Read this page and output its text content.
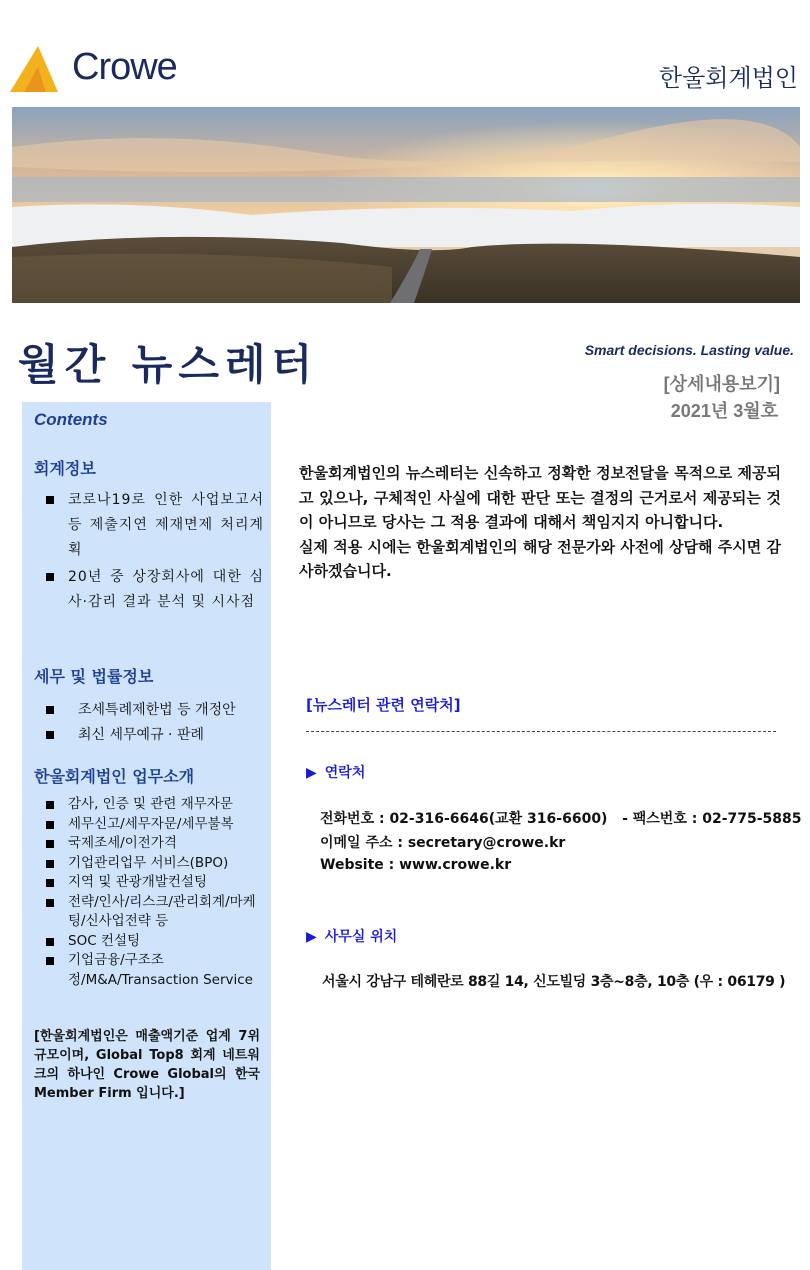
Crowe	한울회계법인
월간 뉴스레터	Smart decisions. Lasting value.
[상세내용보기]
2021년 3월호
Contents
회계정보
코로나19로 인한 사업보고서 등 제출지연 제재면제 처리계획
20년 중 상장회사에 대한 심사·감리 결과 분석 및 시사점
세무 및 법률정보
조세특례제한법 등 개정안
최신 세무예규 · 판례
한울회계법인 업무소개
감사, 인증 및 관련 재무자문
세무신고/세무자문/세무불복
국제조세/이전가격
기업관리업무 서비스(BPO)
지역 및 관광개발컨설팅
전략/인사/리스크/관리회계/마케팅/신사업전략 등
SOC 컨설팅
기업금융/구조조정/M&A/Transaction Service
[한울회계법인은 매출액기준 업계 7위 규모이며, Global Top8 회계 네트워크의 하나인 Crowe Global의 한국 Member Firm 입니다.]
한울회계법인의 뉴스레터는 신속하고 정확한 정보전달을 목적으로 제공되고 있으나, 구체적인 사실에 대한 판단 또는 결정의 근거로서 제공되는 것이 아니므로 당사는 그 적용 결과에 대해서 책임지지 아니합니다.
실제 적용 시에는 한울회계법인의 해당 전문가와 사전에 상담해 주시면 감사하겠습니다.
[뉴스레터 관련 연락처]
▶ 연락처
전화번호 : 02-316-6646(교환 316-6600) - 팩스번호 : 02-775-5885
이메일 주소 : secretary@crowe.kr
Website : www.crowe.kr
▶ 사무실 위치
서울시 강남구 테헤란로 88길 14, 신도빌딩 3층~8층, 10층 (우 : 06179 )
